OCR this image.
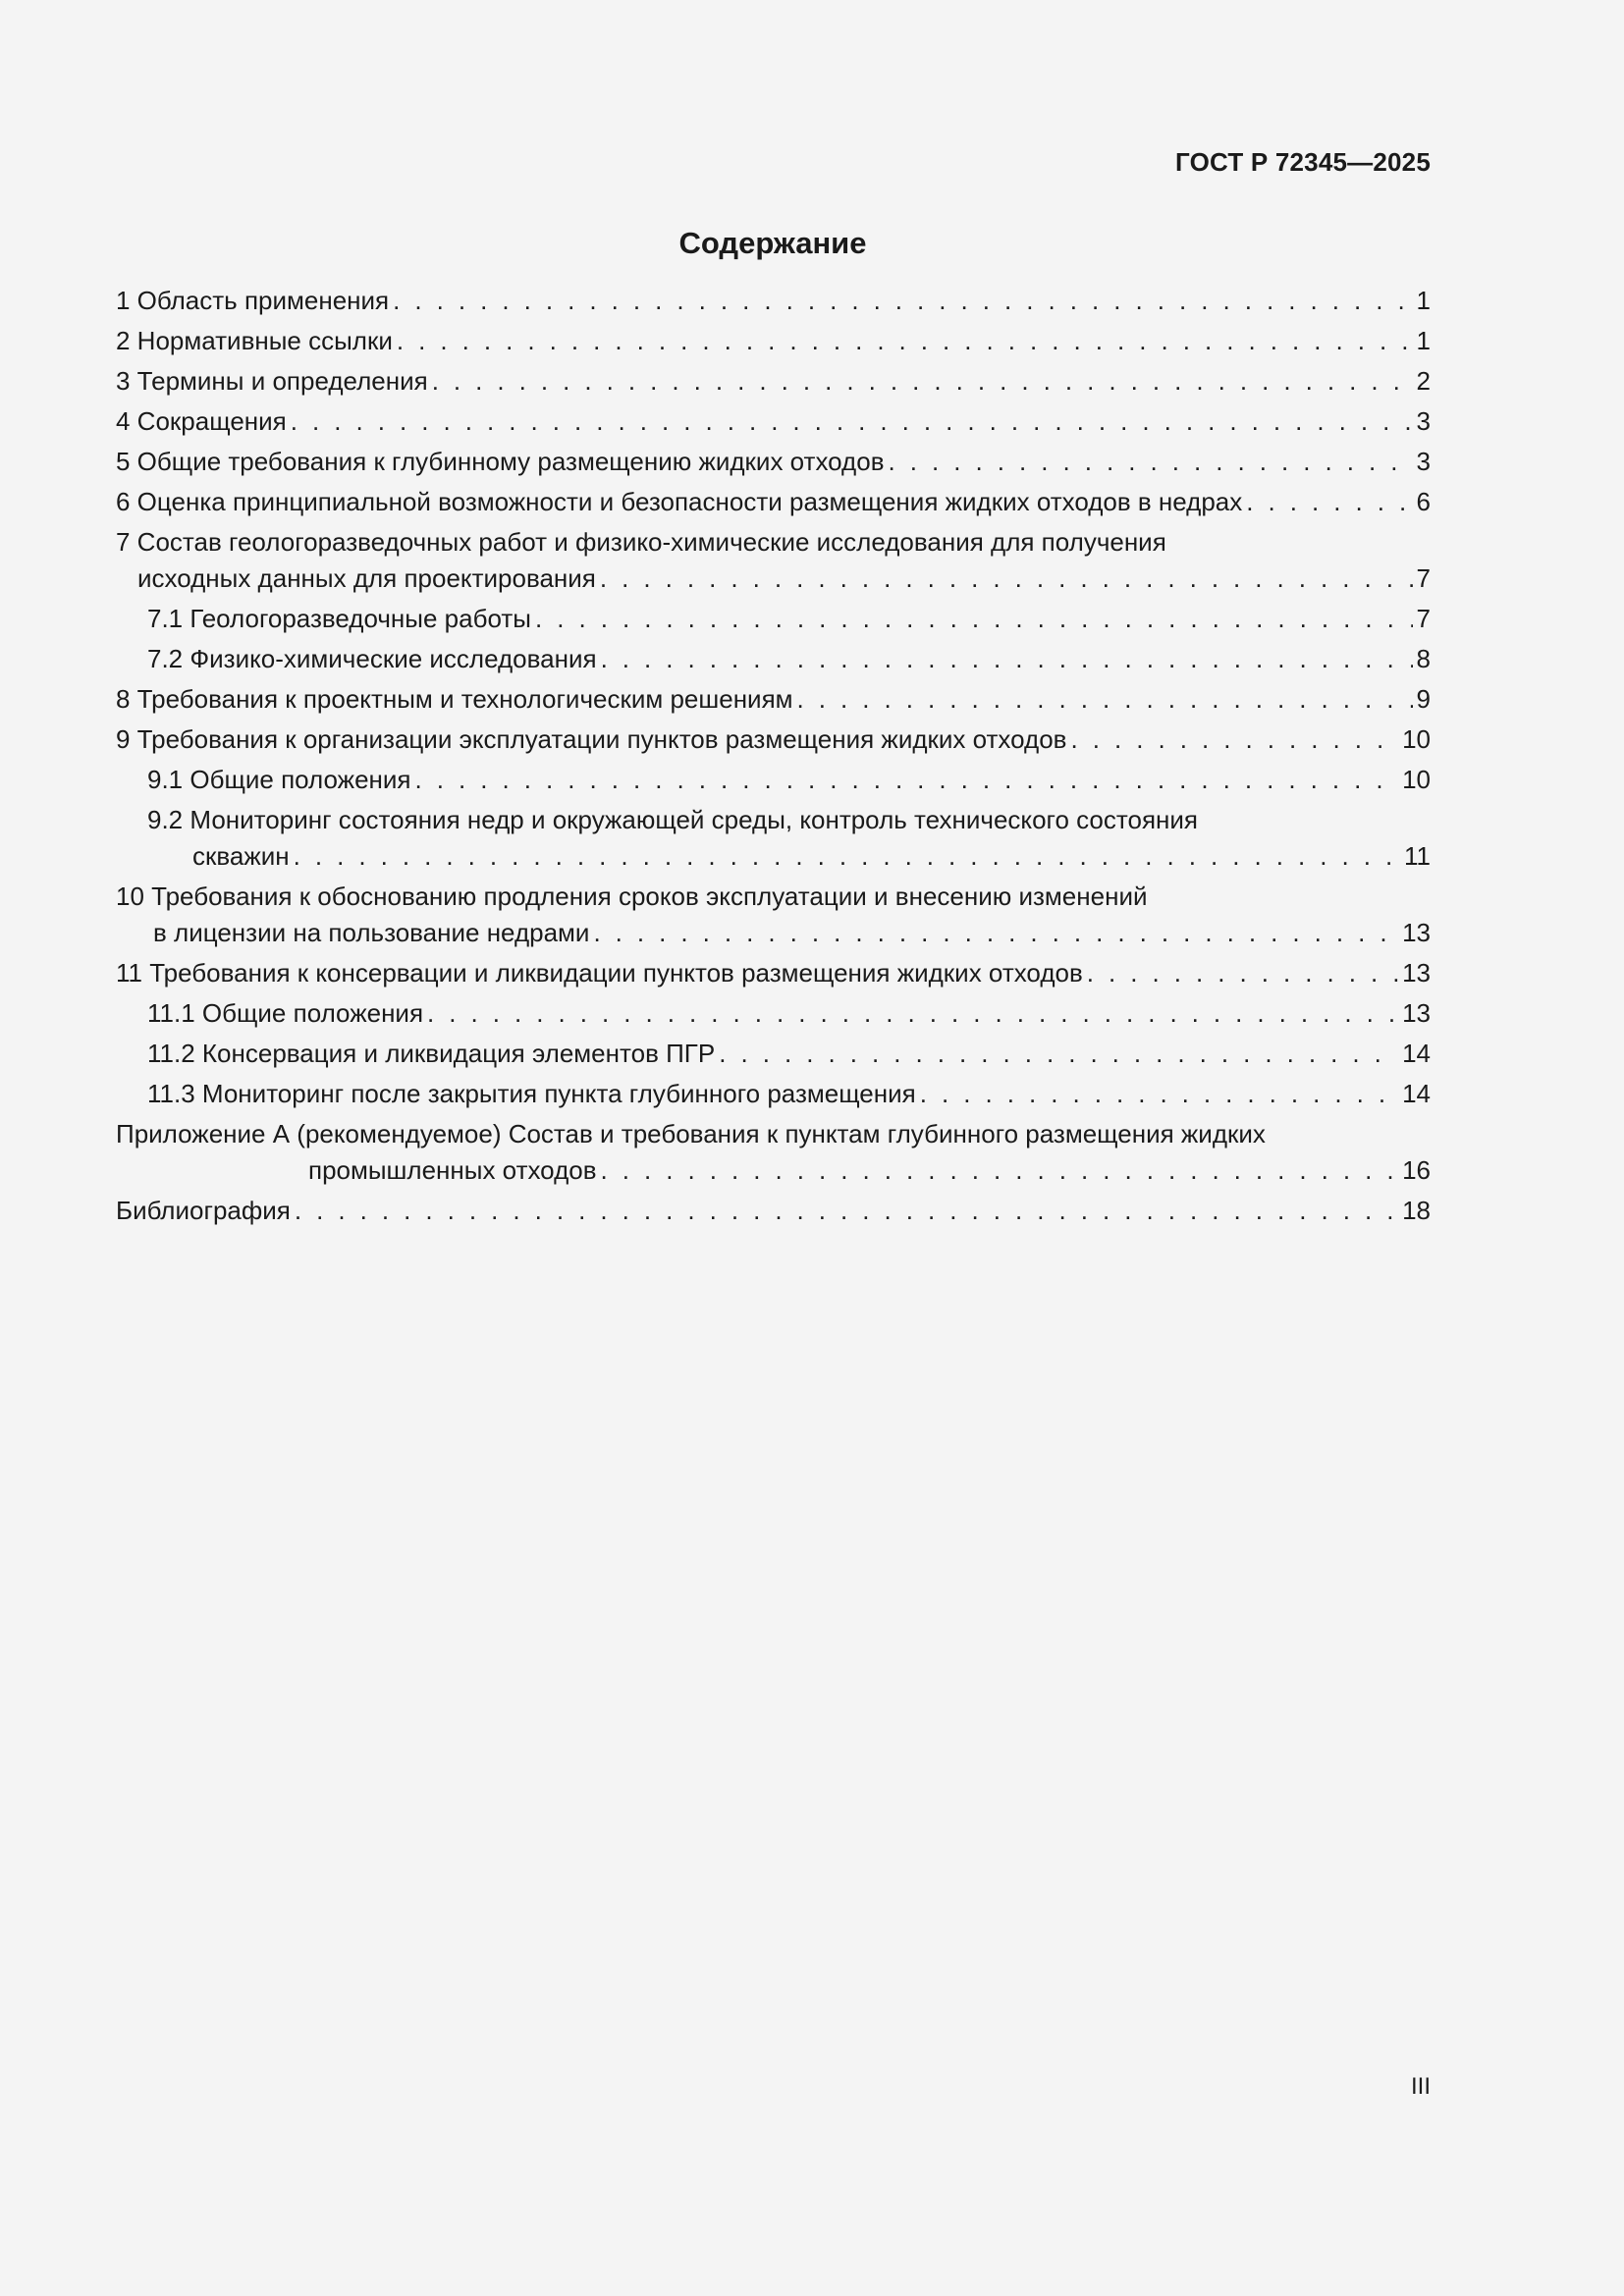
ГОСТ Р 72345—2025
Содержание
1 Область применения . . .	1
2 Нормативные ссылки . . .	1
3 Термины и определения . . .	2
4 Сокращения . . .	3
5 Общие требования к глубинному размещению жидких отходов . . .	3
6 Оценка принципиальной возможности и безопасности размещения жидких отходов в недрах . . .	6
7 Состав геологоразведочных работ и физико-химические исследования для получения
исходных данных для проектирования . . .	7
7.1 Геологоразведочные работы . . .	7
7.2 Физико-химические исследования . . .	8
8 Требования к проектным и технологическим решениям . . .	9
9 Требования к организации эксплуатации пунктов размещения жидких отходов . . .	10
9.1 Общие положения . . .	10
9.2 Мониторинг состояния недр и окружающей среды, контроль технического состояния
скважин . . .	11
10 Требования к обоснованию продления сроков эксплуатации и внесению изменений
в лицензии на пользование недрами . . .	13
11 Требования к консервации и ликвидации пунктов размещения жидких отходов . . .	13
11.1 Общие положения . . .	13
11.2 Консервация и ликвидация элементов ПГР . . .	14
11.3 Мониторинг после закрытия пункта глубинного размещения . . .	14
Приложение А (рекомендуемое) Состав и требования к пунктам глубинного размещения жидких
промышленных отходов . . .	16
Библиография . . .	18
III
